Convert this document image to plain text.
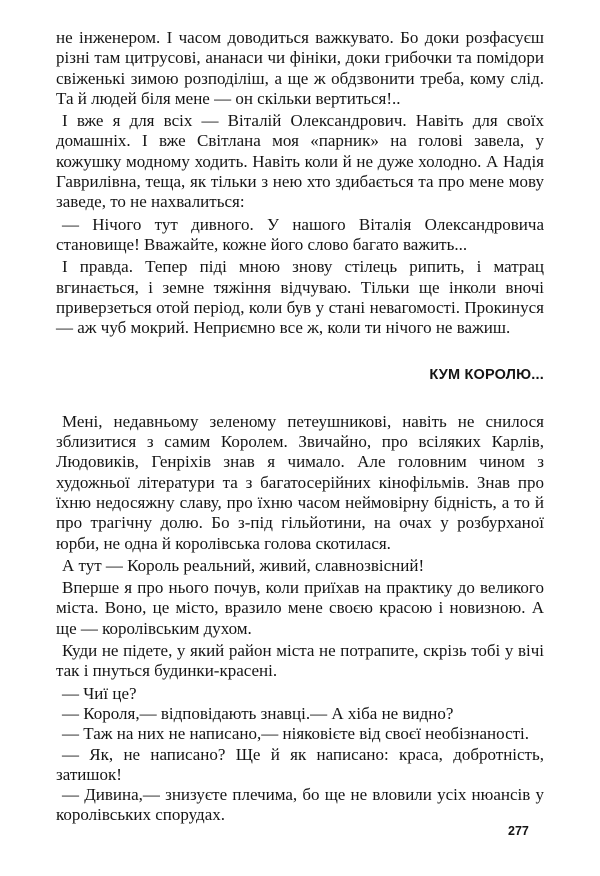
не інженером. І часом доводиться важкувато. Бо доки розфасуєш різні там цитрусові, ананаси чи фініки, доки грибочки та помідори свіженькі зимою розподіліш, а ще ж обдзвонити треба, кому слід. Та й людей біля мене — он скільки вертиться!..

І вже я для всіх — Віталій Олександрович. Навіть для своїх домашніх. І вже Світлана моя «парник» на голові завела, у кожушку модному ходить. Навіть коли й не дуже холодно. А Надія Гаврилівна, теща, як тільки з нею хто здибається та про мене мову заведе, то не нахвалиться:

— Нічого тут дивного. У нашого Віталія Олександровича становище! Вважайте, кожне його слово багато важить...

І правда. Тепер піді мною знову стілець рипить, і матрац вгинається, і земне тяжіння відчуваю. Тільки ще інколи вночі приверзеться отой період, коли був у стані невагомості. Прокинуся — аж чуб мокрий. Неприємно все ж, коли ти нічого не важиш.

КУМ КОРОЛЮ...

Мені, недавньому зеленому петеушникові, навіть не снилося зблизитися з самим Королем. Звичайно, про всіляких Карлів, Людовиків, Генріхів знав я чимало. Але головним чином з художньої літератури та з багатосерійних кінофільмів. Знав про їхню недосяжну славу, про їхню часом неймовірну бідність, а то й про трагічну долю. Бо з-під гільйотини, на очах у розбурханої юрби, не одна й королівська голова скотилася.

А тут — Король реальний, живий, славнозвісний!

Вперше я про нього почув, коли приїхав на практику до великого міста. Воно, це місто, вразило мене своєю красою і новизною. А ще — королівським духом.

Куди не підете, у який район міста не потрапите, скрізь тобі у вічі так і пнуться будинки-красені.

— Чиї це?

— Короля,— відповідають знавці.— А хіба не видно?

— Таж на них не написано,— ніяковієте від своєї необізнаності.

— Як, не написано? Ще й як написано: краса, добротність, затишок!

— Дивина,— знизуєте плечима, бо ще не вловили усіх нюансів у королівських спорудах.

277
